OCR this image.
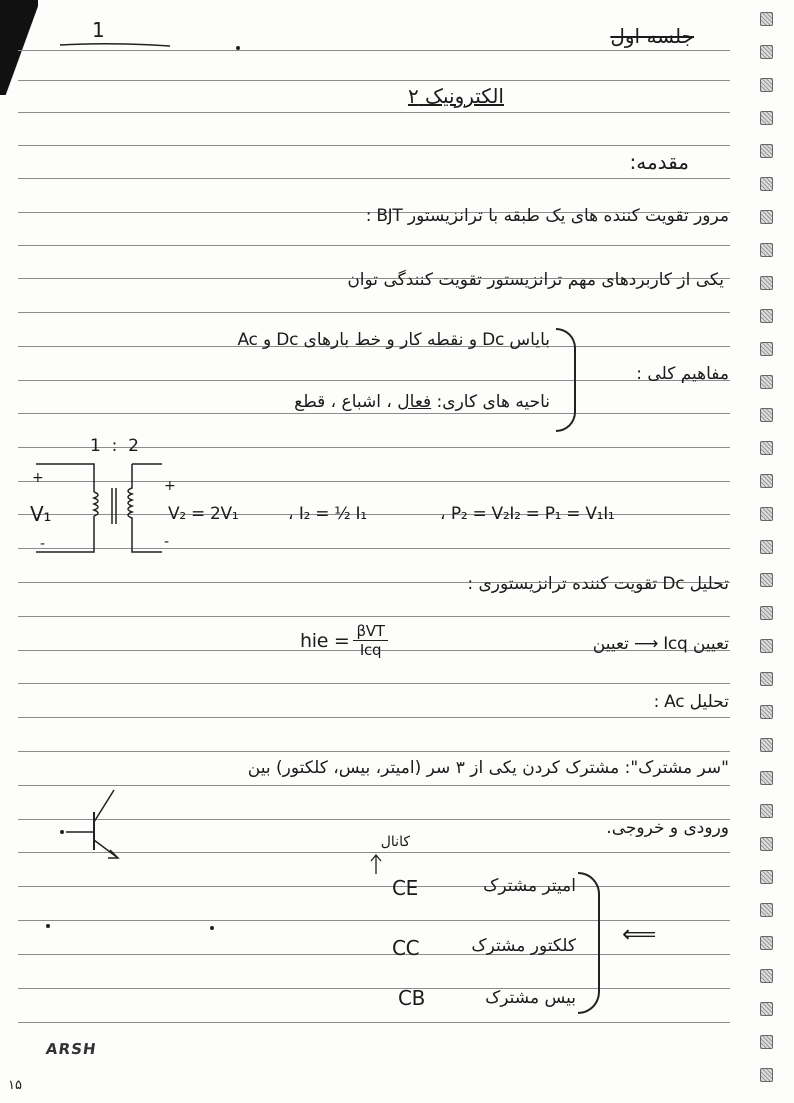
1	جلسه اول
الکترونیک ۲
مقدمه:
مرور تقویت کننده های یک طبقه با ترانزیستور BJT :
یکی از کاربردهای مهم ترانزیستور تقویت کنندگی توان
مفاهیم کلی :
بایاس Dc و نقطه کار و خط بارهای Dc و Ac
ناحیه های کاری: فعال ، اشباع ، قطع
1 : 2
+
-
+
-
V₁	V₂ = 2V₁	، I₂ = ½ I₁	، P₂ = V₂I₂ = P₁ = V₁I₁
تحلیل Dc تقویت کننده ترانزیستوری :
hie = βVT
Icq	تعیین Icq ⟶ تعیین
تحلیل Ac :
"سر مشترک": مشترک کردن یکی از ۳ سر (امیتر، بیس، کلکتور) بین
ورودی و خروجی.
کانال
CE	امیتر مشترک
CC	کلکتور مشترک
CB	بیس مشترک
⟸
ARSH
۱۵
